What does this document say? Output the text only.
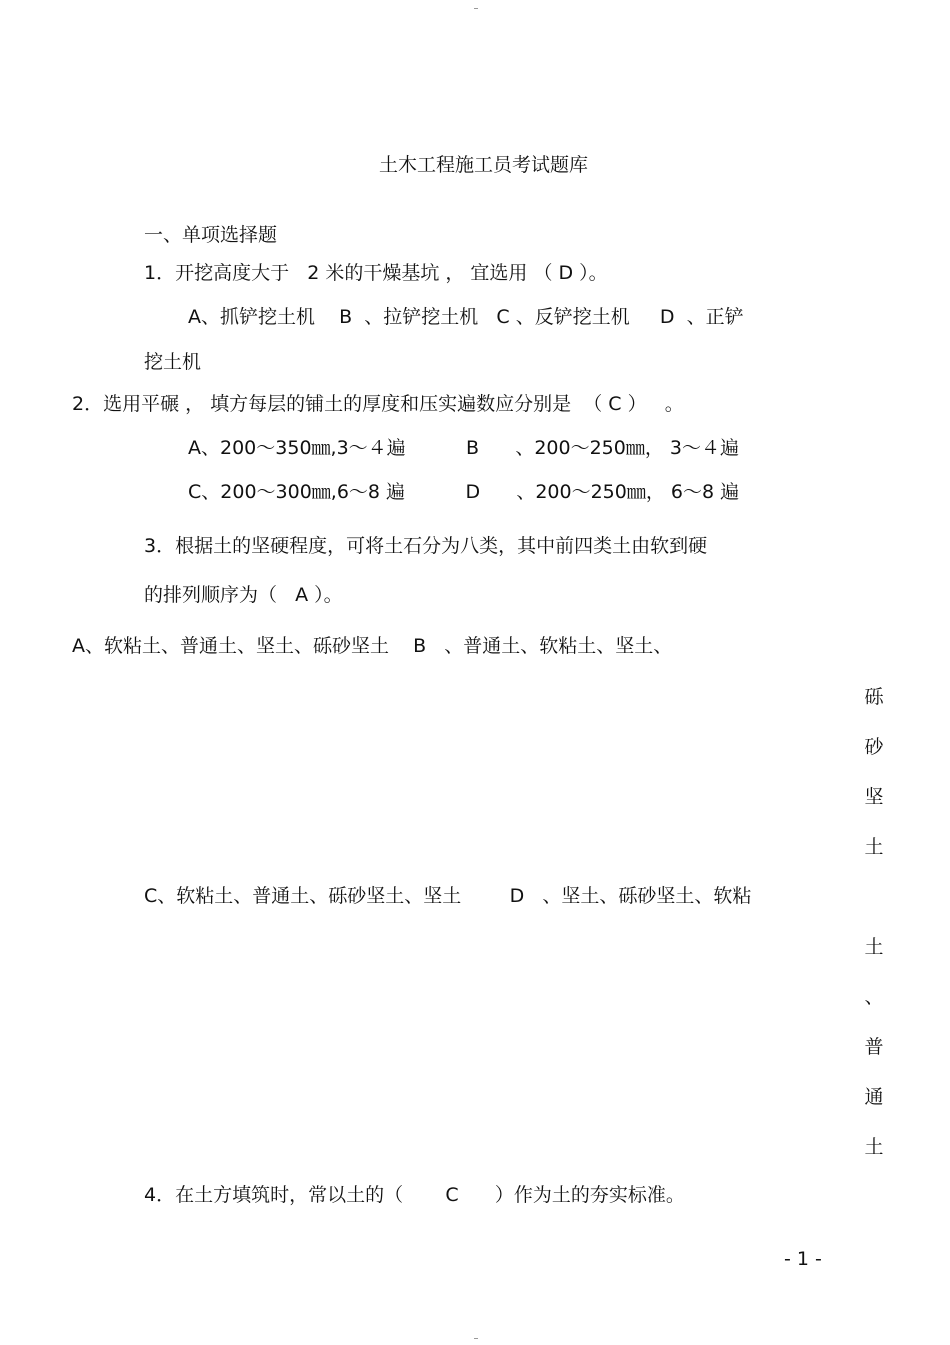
土木工程施工员考试题库
一、单项选择题
1．开挖高度大于   2 米的干燥基坑 ， 宜选用 （ D ）。
A、抓铲挖土机    B  、拉铲挖土机   C 、反铲挖土机     D  、正铲
挖土机
2．选用平碾 ， 填方每层的铺土的厚度和压实遍数应分别是  （ C ）   。
A、200～350㎜,3～４遍          B      、200～250㎜， 3～４遍
C、200～300㎜,6～8 遍          D      、200～250㎜， 6～8 遍
3．根据土的坚硬程度，可将土石分为八类，其中前四类土由软到硬
的排列顺序为（   A ）。
A、软粘土、普通土、坚土、砾砂坚土    B   、普通土、软粘土、坚土、
砾
砂
坚
土
C、软粘土、普通土、砾砂坚土、坚土        D   、坚土、砾砂坚土、软粘
土
、
普
通
土
4．在土方填筑时，常以土的（       C      ）作为土的夯实标准。
- 1 -
